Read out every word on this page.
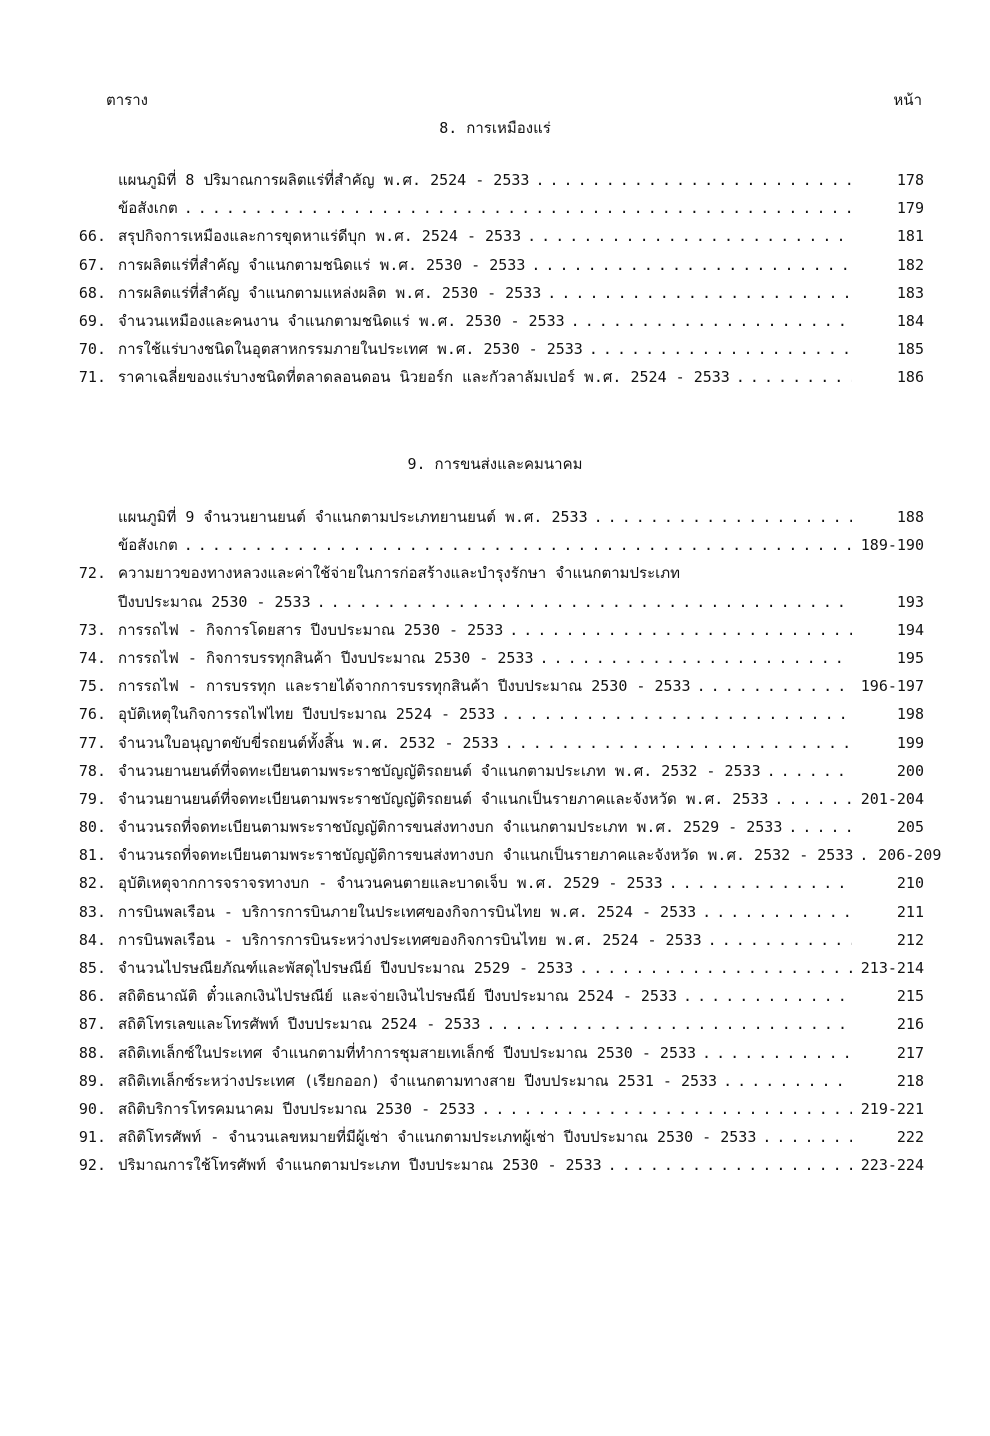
ตาราง	หน้า
8. การเหมืองแร่
แผนภูมิที่ 8 ปริมาณการผลิตแร่ที่สำคัญ พ.ศ. 2524 - 2533 . . .	178
ข้อสังเกต . . .	179
66. สรุปกิจการเหมืองและการขุดหาแร่ดีบุก พ.ศ. 2524 - 2533 . . .	181
67. การผลิตแร่ที่สำคัญ จำแนกตามชนิดแร่ พ.ศ. 2530 - 2533 . . .	182
68. การผลิตแร่ที่สำคัญ จำแนกตามแหล่งผลิต พ.ศ. 2530 - 2533 . . .	183
69. จำนวนเหมืองและคนงาน จำแนกตามชนิดแร่ พ.ศ. 2530 - 2533 . . .	184
70. การใช้แร่บางชนิดในอุตสาหกรรมภายในประเทศ พ.ศ. 2530 - 2533 . . .	185
71. ราคาเฉลี่ยของแร่บางชนิดที่ตลาดลอนดอน นิวยอร์ก และกัวลาลัมเปอร์ พ.ศ. 2524 - 2533 . . .	186
9. การขนส่งและคมนาคม
แผนภูมิที่ 9 จำนวนยานยนต์ จำแนกตามประเภทยานยนต์ พ.ศ. 2533 . . .	188
ข้อสังเกต . . .	189-190
72. ความยาวของทางหลวงและค่าใช้จ่ายในการก่อสร้างและบำรุงรักษา จำแนกตามประเภท
ปีงบประมาณ 2530 - 2533 . . .	193
73. การรถไฟ - กิจการโดยสาร ปีงบประมาณ 2530 - 2533 . . .	194
74. การรถไฟ - กิจการบรรทุกสินค้า ปีงบประมาณ 2530 - 2533 . . .	195
75. การรถไฟ - การบรรทุก และรายได้จากการบรรทุกสินค้า ปีงบประมาณ 2530 - 2533 . . .	196-197
76. อุบัติเหตุในกิจการรถไฟไทย ปีงบประมาณ 2524 - 2533 . . .	198
77. จำนวนใบอนุญาตขับขี่รถยนต์ทั้งสิ้น พ.ศ. 2532 - 2533 . . .	199
78. จำนวนยานยนต์ที่จดทะเบียนตามพระราชบัญญัติรถยนต์ จำแนกตามประเภท พ.ศ. 2532 - 2533 . . .	200
79. จำนวนยานยนต์ที่จดทะเบียนตามพระราชบัญญัติรถยนต์ จำแนกเป็นรายภาคและจังหวัด พ.ศ. 2533 . . .	201-204
80. จำนวนรถที่จดทะเบียนตามพระราชบัญญัติการขนส่งทางบก จำแนกตามประเภท พ.ศ. 2529 - 2533 . . .	205
81. จำนวนรถที่จดทะเบียนตามพระราชบัญญัติการขนส่งทางบก จำแนกเป็นรายภาคและจังหวัด พ.ศ. 2532 - 2533 . . . 206-209
82. อุบัติเหตุจากการจราจรทางบก - จำนวนคนตายและบาดเจ็บ พ.ศ. 2529 - 2533 . . .	210
83. การบินพลเรือน - บริการการบินภายในประเทศของกิจการบินไทย พ.ศ. 2524 - 2533 . . .	211
84. การบินพลเรือน - บริการการบินระหว่างประเทศของกิจการบินไทย พ.ศ. 2524 - 2533 . . .	212
85. จำนวนไปรษณียภัณฑ์และพัสดุไปรษณีย์ ปีงบประมาณ 2529 - 2533 . . .	213-214
86. สถิติธนาณัติ ตั๋วแลกเงินไปรษณีย์ และจ่ายเงินไปรษณีย์ ปีงบประมาณ 2524 - 2533 . . .	215
87. สถิติโทรเลขและโทรศัพท์ ปีงบประมาณ 2524 - 2533 . . .	216
88. สถิติเทเล็กซ์ในประเทศ จำแนกตามที่ทำการชุมสายเทเล็กซ์ ปีงบประมาณ 2530 - 2533 . . .	217
89. สถิติเทเล็กซ์ระหว่างประเทศ (เรียกออก) จำแนกตามทางสาย ปีงบประมาณ 2531 - 2533 . . .	218
90. สถิติบริการโทรคมนาคม ปีงบประมาณ 2530 - 2533 . . .	219-221
91. สถิติโทรศัพท์ - จำนวนเลขหมายที่มีผู้เช่า จำแนกตามประเภทผู้เช่า ปีงบประมาณ 2530 - 2533 . . .	222
92. ปริมาณการใช้โทรศัพท์ จำแนกตามประเภท ปีงบประมาณ 2530 - 2533 . . .	223-224
